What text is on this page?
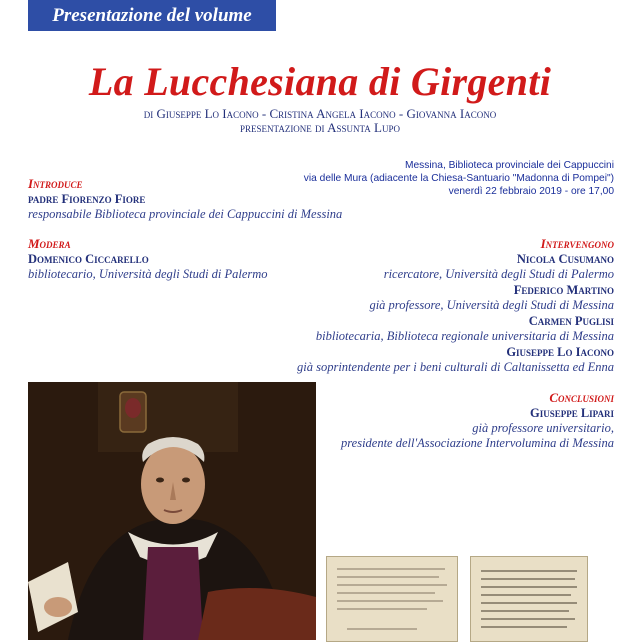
Presentazione del volume
La Lucchesiana di Girgenti
di Giuseppe Lo Iacono - Cristina Angela Iacono - Giovanna Iacono
presentazione di Assunta Lupo
Messina, Biblioteca provinciale dei Cappuccini
via delle Mura (adiacente la Chiesa-Santuario "Madonna di Pompei")
venerdì 22 febbraio 2019 - ore 17,00
Introduce
padre Fiorenzo Fiore
responsabile Biblioteca provinciale dei Cappuccini di Messina
Modera
Domenico Ciccarello
bibliotecario, Università degli Studi di Palermo
Intervengono
Nicola Cusumano
ricercatore, Università degli Studi di Palermo
Federico Martino
già professore, Università degli Studi di Messina
Carmen Puglisi
bibliotecaria, Biblioteca regionale universitaria di Messina
Giuseppe Lo Iacono
già soprintendente per i beni culturali di Caltanissetta ed Enna
Conclusioni
Giuseppe Lipari
già professore universitario,
presidente dell'Associazione Intervolumina di Messina
